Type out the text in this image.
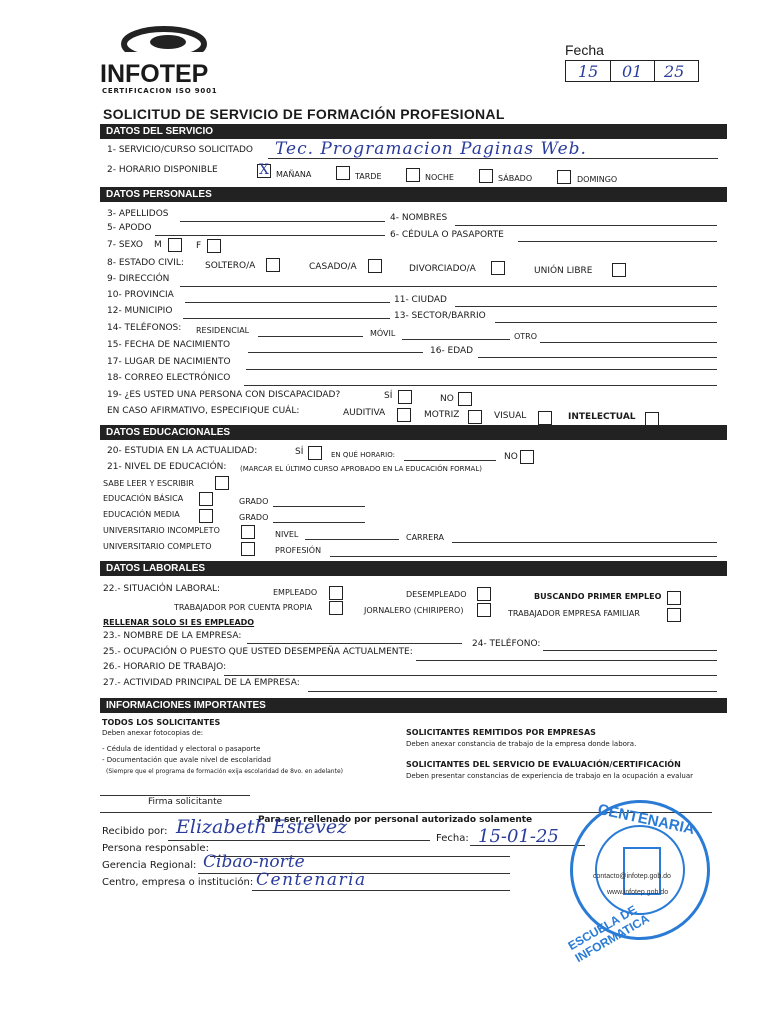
INFOTEP
CERTIFICACION ISO 9001
Fecha
15 01 25
SOLICITUD DE SERVICIO DE FORMACIÓN PROFESIONAL
DATOS DEL SERVICIO
1- SERVICIO/CURSO SOLICITADO Tec. Programacion Paginas Web.
2- HORARIO DISPONIBLE	X MAÑANA	TARDE	NOCHE	SÁBADO	DOMINGO
DATOS PERSONALES
3- APELLIDOS	4- NOMBRES
5- APODO
6- CÉDULA O PASAPORTE
7- SEXO M	F
8- ESTADO CIVIL: SOLTERO/A	CASADO/A	DIVORCIADO/A	UNIÓN LIBRE
9- DIRECCIÓN
10- PROVINCIA	11- CIUDAD
12- MUNICIPIO	13- SECTOR/BARRIO
14- TELÉFONOS: RESIDENCIAL	MÓVIL	OTRO
15- FECHA DE NACIMIENTO
16- EDAD
17- LUGAR DE NACIMIENTO
18- CORREO ELECTRÓNICO
19- ¿ES USTED UNA PERSONA CON DISCAPACIDAD?	SÍ	NO
EN CASO AFIRMATIVO, ESPECIFIQUE CUÁL:	AUDITIVA	MOTRIZ	VISUAL	INTELECTUAL
DATOS EDUCACIONALES
20- ESTUDIA EN LA ACTUALIDAD:	SÍ	EN QUÉ HORARIO:	NO
21- NIVEL DE EDUCACIÓN: (MARCAR EL ÚLTIMO CURSO APROBADO EN LA EDUCACIÓN FORMAL)
SABE LEER Y ESCRIBIR
EDUCACIÓN BÁSICA	GRADO
EDUCACIÓN MEDIA	GRADO
UNIVERSITARIO INCOMPLETO	NIVEL	CARRERA
UNIVERSITARIO COMPLETO	PROFESIÓN
DATOS LABORALES
22.- SITUACIÓN LABORAL:	EMPLEADO	DESEMPLEADO	BUSCANDO PRIMER EMPLEO
TRABAJADOR POR CUENTA PROPIA	JORNALERO (CHIRIPERO)	TRABAJADOR EMPRESA FAMILIAR
RELLENAR SOLO SI ES EMPLEADO
23.- NOMBRE DE LA EMPRESA:
24- TELÉFONO:
25.- OCUPACIÓN O PUESTO QUE USTED DESEMPEÑA ACTUALMENTE:
26.- HORARIO DE TRABAJO:
27.- ACTIVIDAD PRINCIPAL DE LA EMPRESA:
INFORMACIONES IMPORTANTES
TODOS LOS SOLICITANTES
Deben anexar fotocopias de:
- Cédula de identidad y electoral o pasaporte
- Documentación que avale nivel de escolaridad
(Siempre que el programa de formación exija escolaridad de 8vo. en adelante)
SOLICITANTES REMITIDOS POR EMPRESAS
Deben anexar constancia de trabajo de la empresa donde labora.
SOLICITANTES DEL SERVICIO DE EVALUACIÓN/CERTIFICACIÓN
Deben presentar constancias de experiencia de trabajo en la ocupación a evaluar
Firma solicitante
Para ser rellenado por personal autorizado solamente
Recibido por: Elizabeth Estevez
Fecha: 15-01-25
Persona responsable:
Gerencia Regional: Cibao-norte
Centro, empresa o institución: Centenaria
CENTENARIA
ESCUELA DE INFORMATICA
contacto@infotep.gob.do
www.infotep.gob.do
